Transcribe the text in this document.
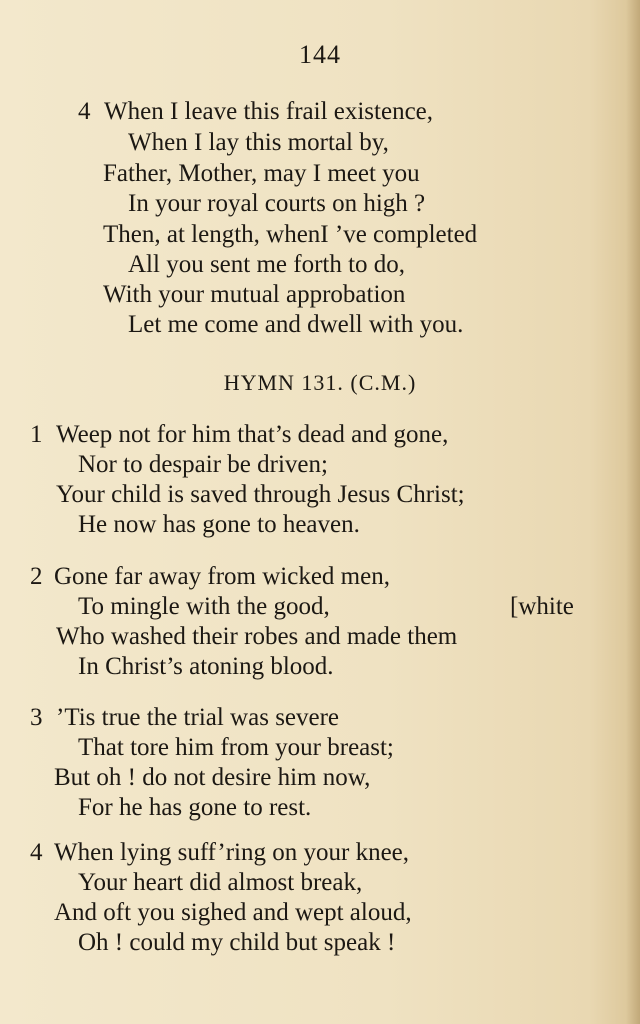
144
4 When I leave this frail existence,
When I lay this mortal by,
Father, Mother, may I meet you
In your royal courts on high ?
Then, at length, whenI ’ve completed
All you sent me forth to do,
With your mutual approbation
Let me come and dwell with you.
HYMN 131. (C.M.)
1 Weep not for him that’s dead and gone,
Nor to despair be driven;
Your child is saved through Jesus Christ;
He now has gone to heaven.
2 Gone far away from wicked men,
To mingle with the good,	[white
Who washed their robes and made them
In Christ’s atoning blood.
3 ’Tis true the trial was severe
That tore him from your breast;
But oh ! do not desire him now,
For he has gone to rest.
4 When lying suff’ring on your knee,
Your heart did almost break,
And oft you sighed and wept aloud,
Oh ! could my child but speak !
